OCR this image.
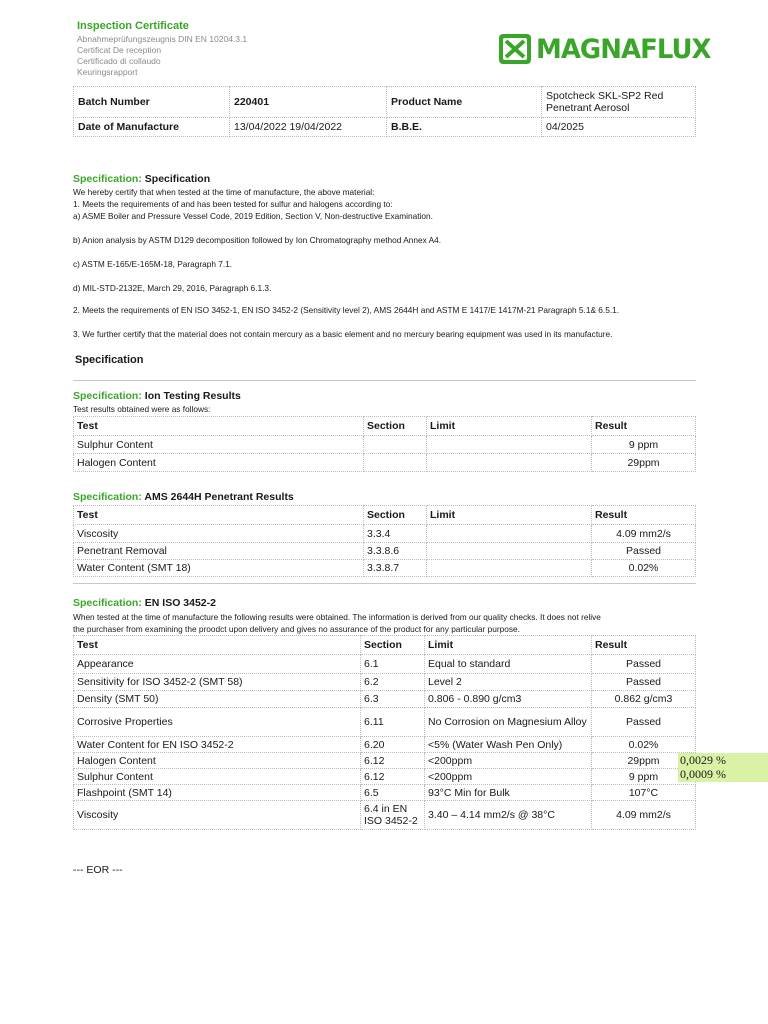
Inspection Certificate
Abnahmeprüfungszeugnis DIN EN 10204.3.1
Certificat De reception
Certificado di collaudo
Keuringsrapport
MAGNAFLUX
Batch Number	220401	Product Name	Spotcheck SKL-SP2 Red
Penetrant Aerosol

Date of Manufacture	13/04/2022 19/04/2022	B.B.E.	04/2025
Specification: Specification
We hereby certify that when tested at the time of manufacture, the above material:
1. Meets the requirements of and has been tested for sulfur and halogens according to:
a) ASME Boiler and Pressure Vessel Code, 2019 Edition, Section V, Non-destructive Examination.
b) Anion analysis by ASTM D129 decomposition followed by Ion Chromatography method Annex A4.
c) ASTM E-165/E-165M-18, Paragraph 7.1.
d) MIL-STD-2132E, March 29, 2016, Paragraph 6.1.3.
2. Meets the requirements of EN ISO 3452-1, EN ISO 3452-2 (Sensitivity level 2), AMS 2644H and ASTM E 1417/E 1417M-21 Paragraph 5.1& 6.5.1.
3. We further certify that the material does not contain mercury as a basic element and no mercury bearing equipment was used in its manufacture.
Specification
Specification: Ion Testing Results
Test results obtained were as follows:
Test	Section	Limit	Result
Sulphur Content			9 ppm
Halogen Content			29ppm
Specification: AMS 2644H Penetrant Results
Test	Section	Limit	Result
Viscosity	3.3.4		4.09 mm2/s
Penetrant Removal	3.3.8.6		Passed
Water Content (SMT 18)	3.3.8.7		0.02%
Specification: EN ISO 3452-2
When tested at the time of manufacture the following results were obtained. The information is derived from our quality checks. It does not relive
the purchaser from examining the proodct upon delivery and gives no assurance of the product for any particular purpose.
Test	Section	Limit	Result
Appearance	6.1	Equal to standard	Passed
Sensitivity for ISO 3452-2 (SMT 58)	6.2	Level 2	Passed
Density (SMT 50)	6.3	0.806 - 0.890 g/cm3	0.862 g/cm3
Corrosive Properties	6.11	No Corrosion on Magnesium Alloy	Passed
Water Content for EN ISO 3452-2	6.20	<5% (Water Wash Pen Only)	0.02%
Halogen Content	6.12	<200ppm	29ppm
Sulphur Content	6.12	<200ppm	9 ppm
Flashpoint (SMT 14)	6.5	93°C Min for Bulk	107°C
Viscosity	6.4 in EN ISO 3452-2	3.40 – 4.14 mm2/s @ 38°C	4.09 mm2/s
0,0029 %
0,0009 %
--- EOR ---
